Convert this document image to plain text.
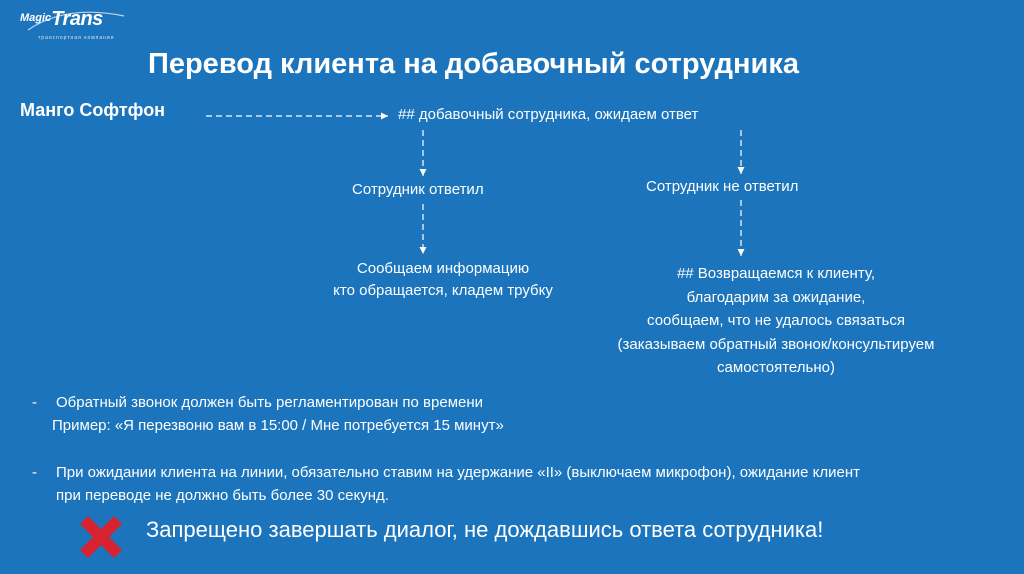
Magic Trans
транспортная компания
Перевод клиента на добавочный сотрудника
Манго Софтфон	## добавочный сотрудника, ожидаем ответ
Сотрудник ответил	Сотрудник не ответил
Сообщаем информацию
кто обращается, кладем трубку
## Возвращаемся к клиенту,
благодарим за ожидание,
сообщаем, что не удалось связаться
(заказываем обратный звонок/консультируем
самостоятельно)
- Обратный звонок должен быть регламентирован по времени
Пример: «Я перезвоню вам в 15:00 / Мне потребуется 15 минут»
- При ожидании клиента на линии, обязательно ставим на удержание «II» (выключаем микрофон), ожидание клиент
при переводе не должно быть более 30 секунд.
Запрещено завершать диалог, не дождавшись ответа сотрудника!
